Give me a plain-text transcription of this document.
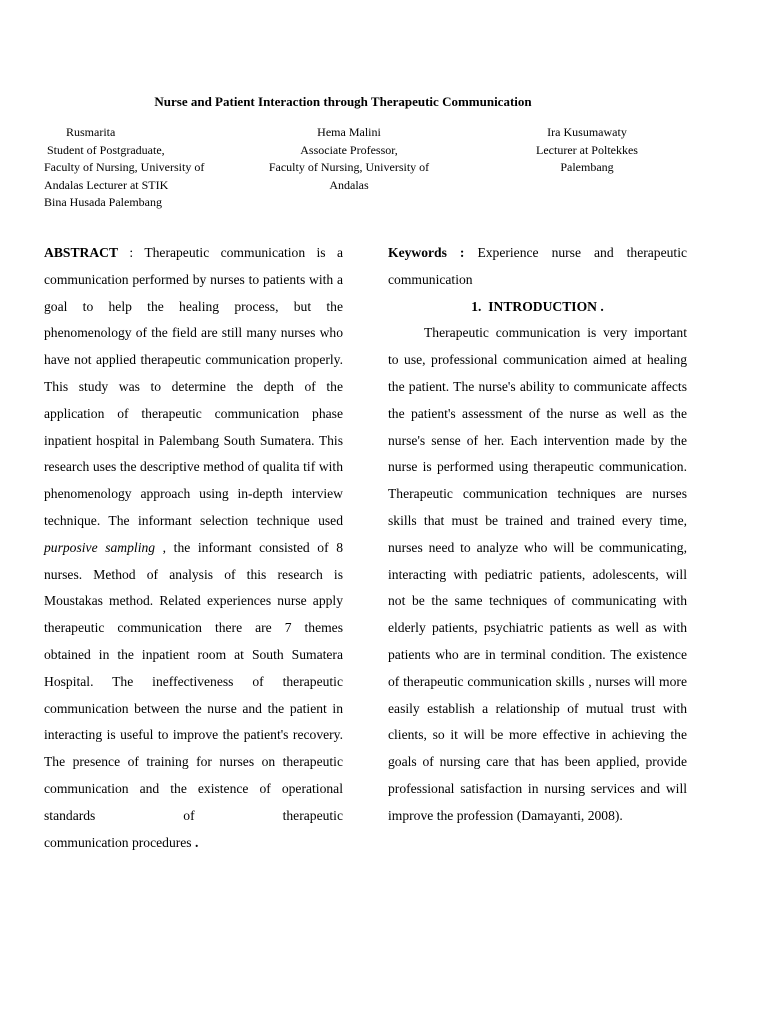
Nurse and Patient Interaction through Therapeutic Communication
Rusmarita
Student of Postgraduate,
Faculty of Nursing, University of
Andalas Lecturer at STIK
Bina Husada Palembang
Hema Malini
Associate Professor,
Faculty of Nursing, University of
Andalas
Ira Kusumawaty
Lecturer at Poltekkes
Palembang

ABSTRACT : Therapeutic communication is a communication performed by nurses to patients with a goal to help the healing process, but the phenomenology of the field are still many nurses who have not applied therapeutic communication properly. This study was to determine the depth of the application of therapeutic communication phase inpatient hospital in Palembang South Sumatera. This research uses the descriptive method of qualita tif with phenomenology approach using in-depth interview technique. The informant selection technique used purposive sampling , the informant consisted of 8 nurses. Method of analysis of this research is Moustakas method. Related experiences nurse apply therapeutic communication there are 7 themes obtained in the inpatient room at South Sumatera Hospital. The ineffectiveness of therapeutic communication between the nurse and the patient in interacting is useful to improve the patient's recovery. The presence of training for nurses on therapeutic communication and the existence of operational standards of therapeutic

communication procedures .

Keywords : Experience nurse and therapeutic communication

1.  INTRODUCTION .

Therapeutic communication is very important to use, professional communication aimed at healing the patient. The nurse's ability to communicate affects the patient's assessment of the nurse as well as the nurse's sense of her. Each intervention made by the nurse is performed using therapeutic communication. Therapeutic communication techniques are nurses skills that must be trained and trained every time, nurses need to analyze who will be communicating, interacting with pediatric patients, adolescents, will not be the same techniques of communicating with elderly patients, psychiatric patients as well as with patients who are in terminal condition. The existence of therapeutic communication skills , nurses will more easily establish a relationship of mutual trust with clients, so it will be more effective in achieving the goals of nursing care that has been applied, provide professional satisfaction in nursing services and will improve the profession (Damayanti, 2008).
